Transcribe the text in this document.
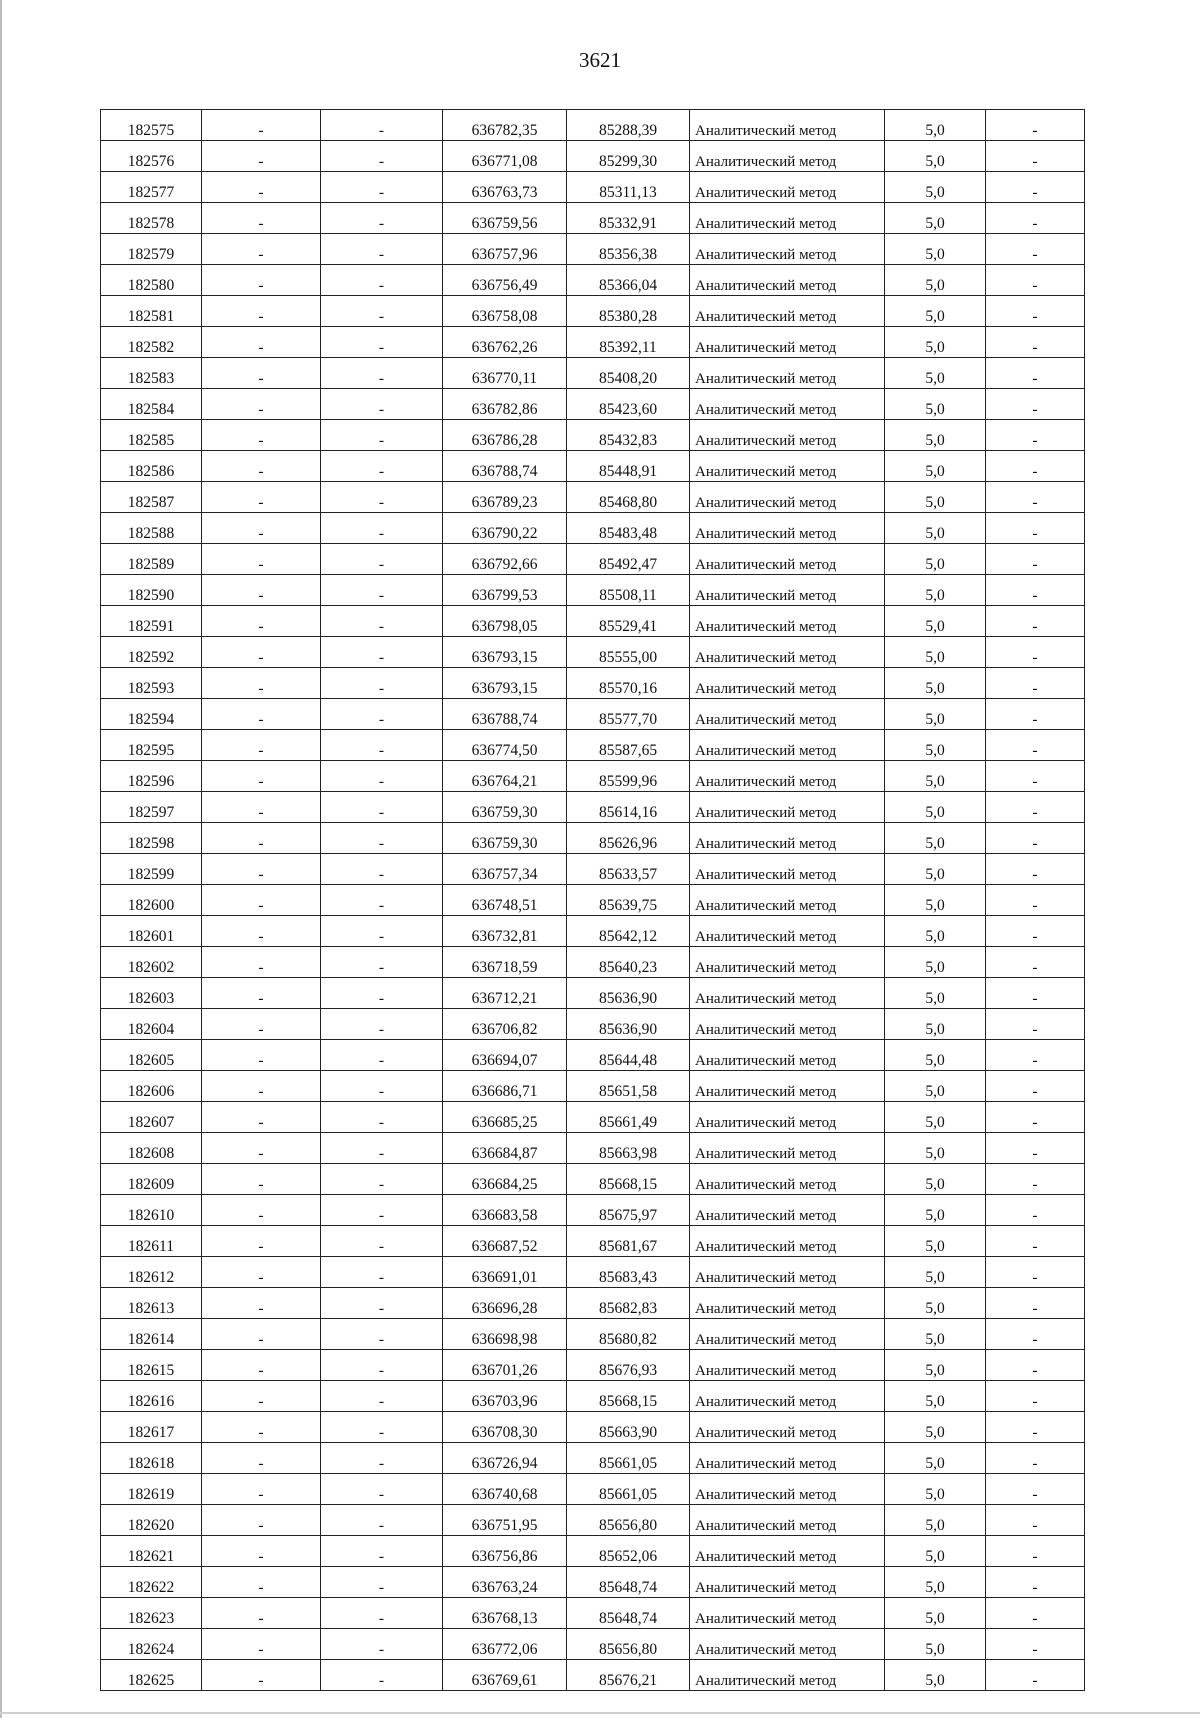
3621
182575	-	-	636782,35	85288,39	Аналитический метод	5,0	-
182576	-	-	636771,08	85299,30	Аналитический метод	5,0	-
182577	-	-	636763,73	85311,13	Аналитический метод	5,0	-
182578	-	-	636759,56	85332,91	Аналитический метод	5,0	-
182579	-	-	636757,96	85356,38	Аналитический метод	5,0	-
182580	-	-	636756,49	85366,04	Аналитический метод	5,0	-
182581	-	-	636758,08	85380,28	Аналитический метод	5,0	-
182582	-	-	636762,26	85392,11	Аналитический метод	5,0	-
182583	-	-	636770,11	85408,20	Аналитический метод	5,0	-
182584	-	-	636782,86	85423,60	Аналитический метод	5,0	-
182585	-	-	636786,28	85432,83	Аналитический метод	5,0	-
182586	-	-	636788,74	85448,91	Аналитический метод	5,0	-
182587	-	-	636789,23	85468,80	Аналитический метод	5,0	-
182588	-	-	636790,22	85483,48	Аналитический метод	5,0	-
182589	-	-	636792,66	85492,47	Аналитический метод	5,0	-
182590	-	-	636799,53	85508,11	Аналитический метод	5,0	-
182591	-	-	636798,05	85529,41	Аналитический метод	5,0	-
182592	-	-	636793,15	85555,00	Аналитический метод	5,0	-
182593	-	-	636793,15	85570,16	Аналитический метод	5,0	-
182594	-	-	636788,74	85577,70	Аналитический метод	5,0	-
182595	-	-	636774,50	85587,65	Аналитический метод	5,0	-
182596	-	-	636764,21	85599,96	Аналитический метод	5,0	-
182597	-	-	636759,30	85614,16	Аналитический метод	5,0	-
182598	-	-	636759,30	85626,96	Аналитический метод	5,0	-
182599	-	-	636757,34	85633,57	Аналитический метод	5,0	-
182600	-	-	636748,51	85639,75	Аналитический метод	5,0	-
182601	-	-	636732,81	85642,12	Аналитический метод	5,0	-
182602	-	-	636718,59	85640,23	Аналитический метод	5,0	-
182603	-	-	636712,21	85636,90	Аналитический метод	5,0	-
182604	-	-	636706,82	85636,90	Аналитический метод	5,0	-
182605	-	-	636694,07	85644,48	Аналитический метод	5,0	-
182606	-	-	636686,71	85651,58	Аналитический метод	5,0	-
182607	-	-	636685,25	85661,49	Аналитический метод	5,0	-
182608	-	-	636684,87	85663,98	Аналитический метод	5,0	-
182609	-	-	636684,25	85668,15	Аналитический метод	5,0	-
182610	-	-	636683,58	85675,97	Аналитический метод	5,0	-
182611	-	-	636687,52	85681,67	Аналитический метод	5,0	-
182612	-	-	636691,01	85683,43	Аналитический метод	5,0	-
182613	-	-	636696,28	85682,83	Аналитический метод	5,0	-
182614	-	-	636698,98	85680,82	Аналитический метод	5,0	-
182615	-	-	636701,26	85676,93	Аналитический метод	5,0	-
182616	-	-	636703,96	85668,15	Аналитический метод	5,0	-
182617	-	-	636708,30	85663,90	Аналитический метод	5,0	-
182618	-	-	636726,94	85661,05	Аналитический метод	5,0	-
182619	-	-	636740,68	85661,05	Аналитический метод	5,0	-
182620	-	-	636751,95	85656,80	Аналитический метод	5,0	-
182621	-	-	636756,86	85652,06	Аналитический метод	5,0	-
182622	-	-	636763,24	85648,74	Аналитический метод	5,0	-
182623	-	-	636768,13	85648,74	Аналитический метод	5,0	-
182624	-	-	636772,06	85656,80	Аналитический метод	5,0	-
182625	-	-	636769,61	85676,21	Аналитический метод	5,0	-
